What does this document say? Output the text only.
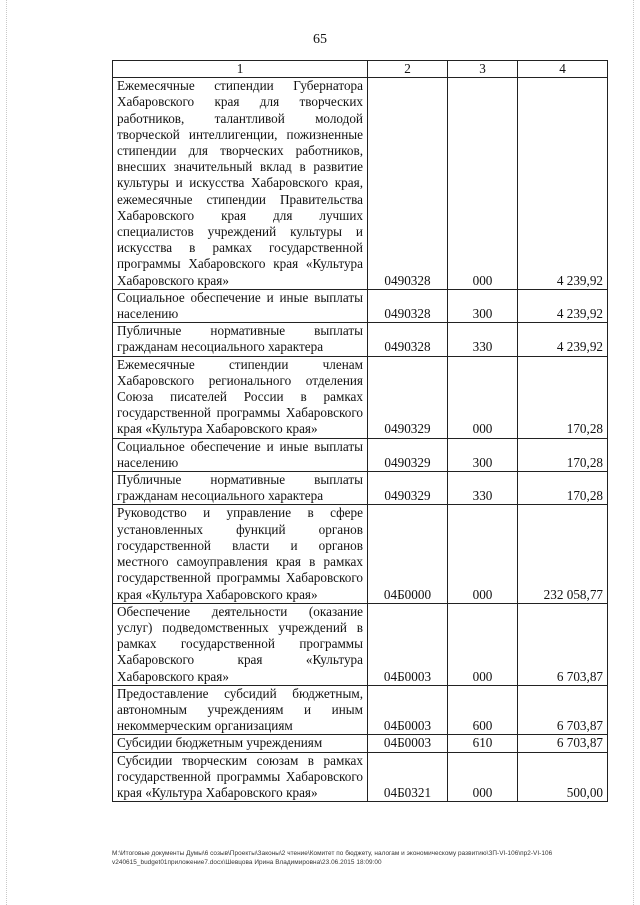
65
1	2	3	4
Ежемесячные стипендии Губернатора Хабаровского края для творческих работников, талантливой молодой творческой интеллигенции, пожизненные стипендии для творческих работников, внесших значительный вклад в развитие культуры и искусства Хабаровского края, ежемесячные стипендии Правительства Хабаровского края для лучших специалистов учреждений культуры и искусства в рамках государственной программы Хабаровского края «Культура Хабаровского края»	0490328	000	4 239,92
Социальное обеспечение и иные выплаты населению	0490328	300	4 239,92
Публичные нормативные выплаты гражданам несоциального характера	0490328	330	4 239,92
Ежемесячные стипендии членам Хабаровского регионального отделения Союза писателей России в рамках государственной программы Хабаровского края «Культура Хабаровского края»	0490329	000	170,28
Социальное обеспечение и иные выплаты населению	0490329	300	170,28
Публичные нормативные выплаты гражданам несоциального характера	0490329	330	170,28
Руководство и управление в сфере установленных функций органов государственной власти и органов местного самоуправления края в рамках государственной программы Хабаровского края «Культура Хабаровского края»	04Б0000	000	232 058,77
Обеспечение деятельности (оказание услуг) подведомственных учреждений в рамках государственной программы Хабаровского края «Культура Хабаровского края»	04Б0003	000	6 703,87
Предоставление субсидий бюджетным, автономным учреждениям и иным некоммерческим организациям	04Б0003	600	6 703,87
Субсидии бюджетным учреждениям	04Б0003	610	6 703,87
Субсидии творческим союзам в рамках государственной программы Хабаровского края «Культура Хабаровского края»	04Б0321	000	500,00
М:\Итоговые документы Думы\6 созыв\Проекты\Законы\2 чтение\Комитет по бюджету, налогам и экономическому развитию\ЗП-VI-106\пр2-VI-106 v240615_budget01приложение7.docx\Шевцова Ирина Владимировна\23.06.2015 18:09:00
